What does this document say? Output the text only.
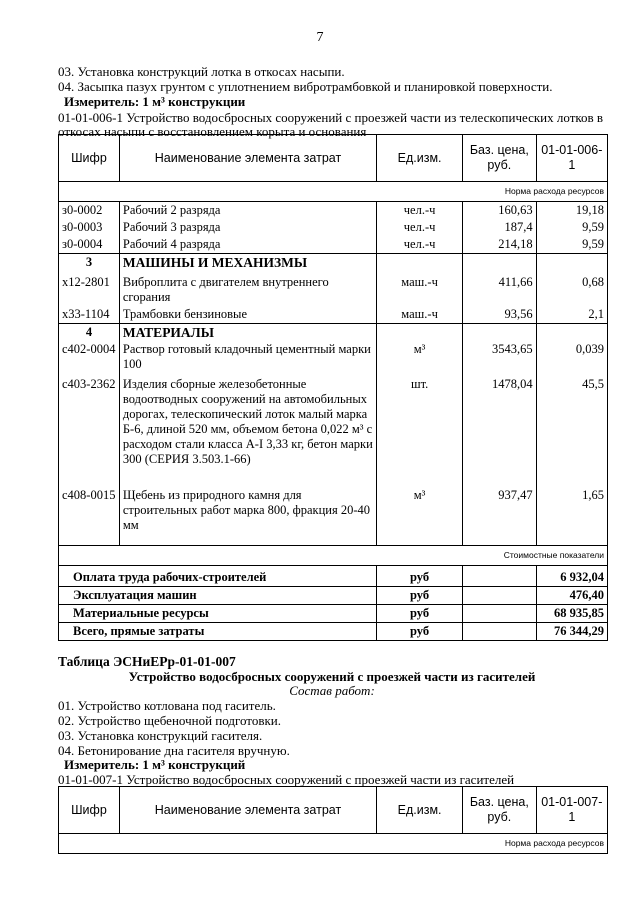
7
03. Установка конструкций лотка в откосах насыпи.
04. Засыпка пазух грунтом с уплотнением вибротрамбовкой и планировкой поверхности.
Измеритель: 1 м³ конструкции
01-01-006-1 Устройство водосбросных сооружений с проезжей части из телескопических лотков в
откосах насыпи с восстановлением корыта и основания
Шифр	Наименование элемента затрат	Ед.изм.	Баз. цена, руб.	01-01-006-1
Норма расхода ресурсов				
з0-0002	Рабочий 2 разряда	чел.-ч	160,63	19,18
з0-0003	Рабочий 3 разряда	чел.-ч	187,4	9,59
з0-0004	Рабочий 4 разряда	чел.-ч	214,18	9,59
3	МАШИНЫ И МЕХАНИЗМЫ			
х12-2801	Виброплита с двигателем внутреннего сгорания	маш.-ч	411,66	0,68
х33-1104	Трамбовки бензиновые	маш.-ч	93,56	2,1
4	МАТЕРИАЛЫ			
с402-0004	Раствор готовый кладочный цементный марки 100	м³	3543,65	0,039
с403-2362	Изделия сборные железобетонные водоотводных сооружений на автомобильных дорогах, телескопический лоток малый марка Б-6, длиной 520 мм, объемом бетона 0,022 м³ с расходом стали класса А-I 3,33 кг, бетон марки 300 (СЕРИЯ 3.503.1-66)	шт.	1478,04	45,5
с408-0015	Щебень из природного камня для строительных работ марка 800, фракция 20-40 мм	м³	937,47	1,65
Стоимостные показатели				
Оплата труда рабочих-строителей		руб		6 932,04
Эксплуатация машин		руб		476,40
Материальные ресурсы		руб		68 935,85
Всего, прямые затраты		руб		76 344,29
Таблица ЭСНиЕРр-01-01-007
Устройство водосбросных сооружений с проезжей части из гасителей
Состав работ:
01. Устройство котлована под гаситель.
02. Устройство щебеночной подготовки.
03. Установка конструкций гасителя.
04. Бетонирование дна гасителя вручную.
Измеритель: 1 м³ конструкций
01-01-007-1 Устройство водосбросных сооружений с проезжей части из гасителей
Шифр	Наименование элемента затрат	Ед.изм.	Баз. цена, руб.	01-01-007-1
Норма расхода ресурсов
